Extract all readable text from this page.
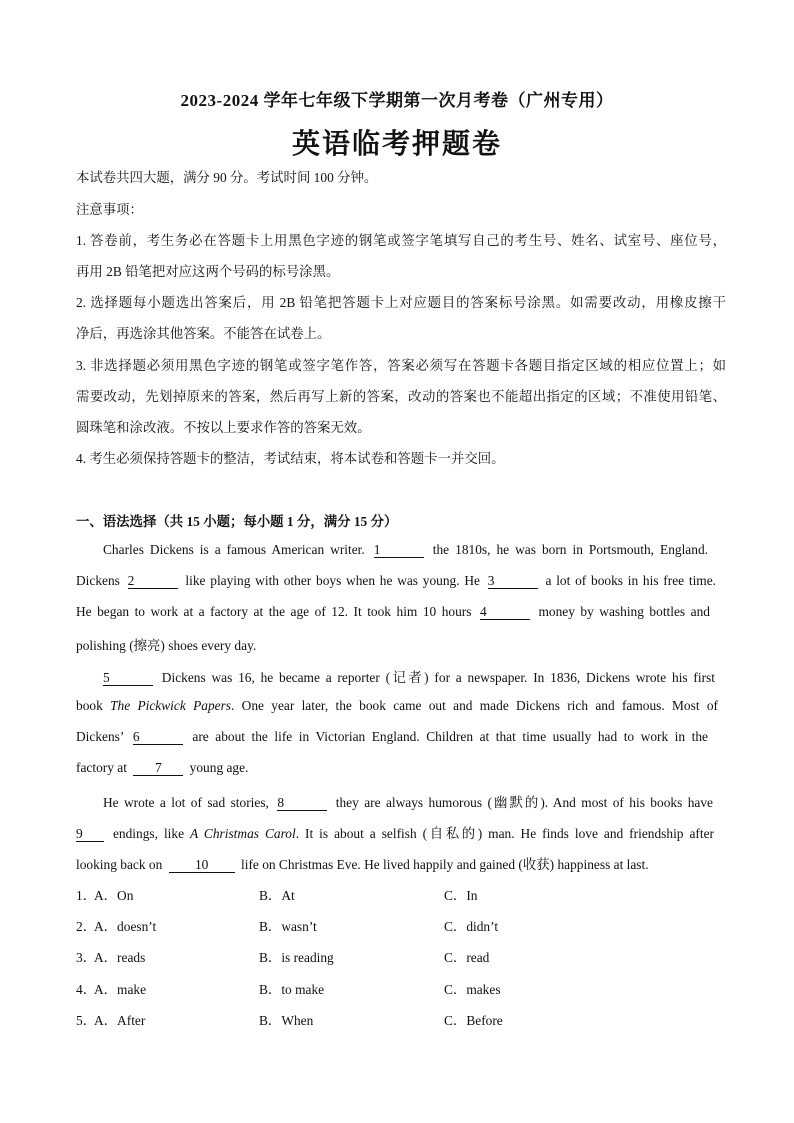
2023-2024 学年七年级下学期第一次月考卷（广州专用）
英语临考押题卷
本试卷共四大题，满分 90 分。考试时间 100 分钟。
注意事项：
1. 答卷前，考生务必在答题卡上用黑色字迹的钢笔或签字笔填写自己的考生号、姓名、试室号、座位号，
再用 2B 铅笔把对应这两个号码的标号涂黑。
2. 选择题每小题选出答案后，用 2B 铅笔把答题卡上对应题目的答案标号涂黑。如需要改动，用橡皮擦干
净后，再选涂其他答案。不能答在试卷上。
3. 非选择题必须用黑色字迹的钢笔或签字笔作答，答案必须写在答题卡各题目指定区域的相应位置上；如
需要改动，先划掉原来的答案，然后再写上新的答案，改动的答案也不能超出指定的区域；不准使用铅笔、
圆珠笔和涂改液。不按以上要求作答的答案无效。
4. 考生必须保持答题卡的整洁，考试结束，将本试卷和答题卡一并交回。
一、语法选择（共 15 小题；每小题 1 分，满分 15 分）
Charles Dickens is a famous American writer. 1	the 1810s, he was born in Portsmouth, England.
Dickens 2	like playing with other boys when he was young. He 3	a lot of books in his free time.
He began to work at a factory at the age of 12. It took him 10 hours 4	money by washing bottles and
polishing (擦亮) shoes every day.
5	Dickens was 16, he became a reporter (记者) for a newspaper. In 1836, Dickens wrote his first
book The Pickwick Papers. One year later, the book came out and made Dickens rich and famous. Most of
Dickens’ 6	are about the life in Victorian England. Children at that time usually had to work in the
factory at 7 young age.
He wrote a lot of sad stories, 8	they are always humorous (幽默的). And most of his books have
9 endings, like A Christmas Carol. It is about a selfish (自私的) man. He finds love and friendship after
looking back on 10 life on Christmas Eve. He lived happily and gained (收获) happiness at last.
1．
A．On	B．At	C．In
2．
A．doesn’t	B．wasn’t	C．didn’t
3．
A．reads	B．is reading	C．read
4．
A．make	B．to make	C．makes
5．
A．After	B．When	C．Before
